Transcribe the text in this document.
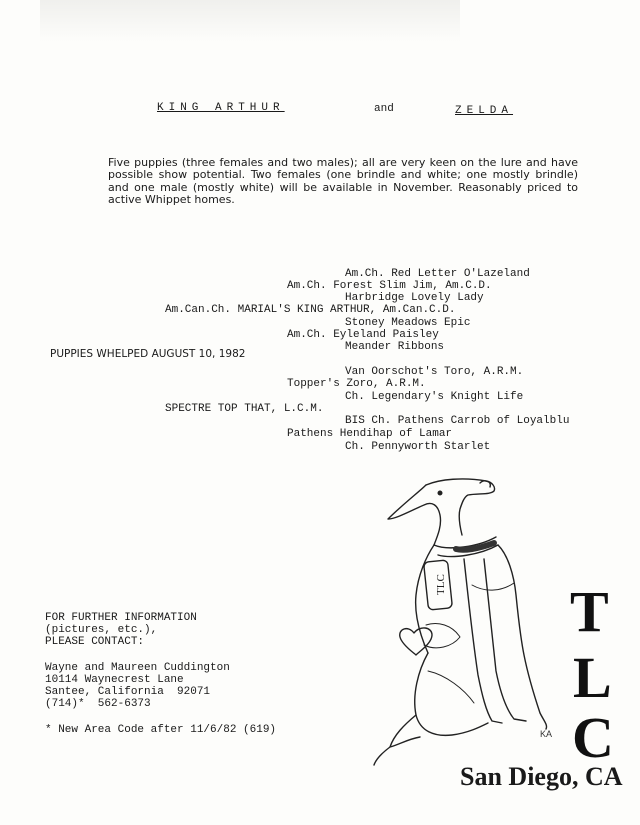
KING ARTHUR	and	ZELDA
Five puppies (three females and two males); all are very keen on the lure and have possible show potential. Two females (one brindle and white; one mostly brindle) and one male (mostly white) will be available in November. Reasonably priced to active Whippet homes.
Am.Ch. Red Letter O'Lazeland
Am.Ch. Forest Slim Jim, Am.C.D.
Harbridge Lovely Lady
Am.Can.Ch. MARIAL'S KING ARTHUR, Am.Can.C.D.
Stoney Meadows Epic
Am.Ch. Eyleland Paisley
Meander Ribbons
PUPPIES WHELPED AUGUST 10, 1982
Van Oorschot's Toro, A.R.M.
Topper's Zoro, A.R.M.
Ch. Legendary's Knight Life
SPECTRE TOP THAT, L.C.M.
BIS Ch. Pathens Carrob of Loyalblu
Pathens Hendihap of Lamar
Ch. Pennyworth Starlet
FOR FURTHER INFORMATION
(pictures, etc.),
PLEASE CONTACT:
Wayne and Maureen Cuddington
10114 Waynecrest Lane
Santee, California  92071
(714)*  562-6373
* New Area Code after 11/6/82 (619)
TLC
KA
T
L
C
San Diego, CA
